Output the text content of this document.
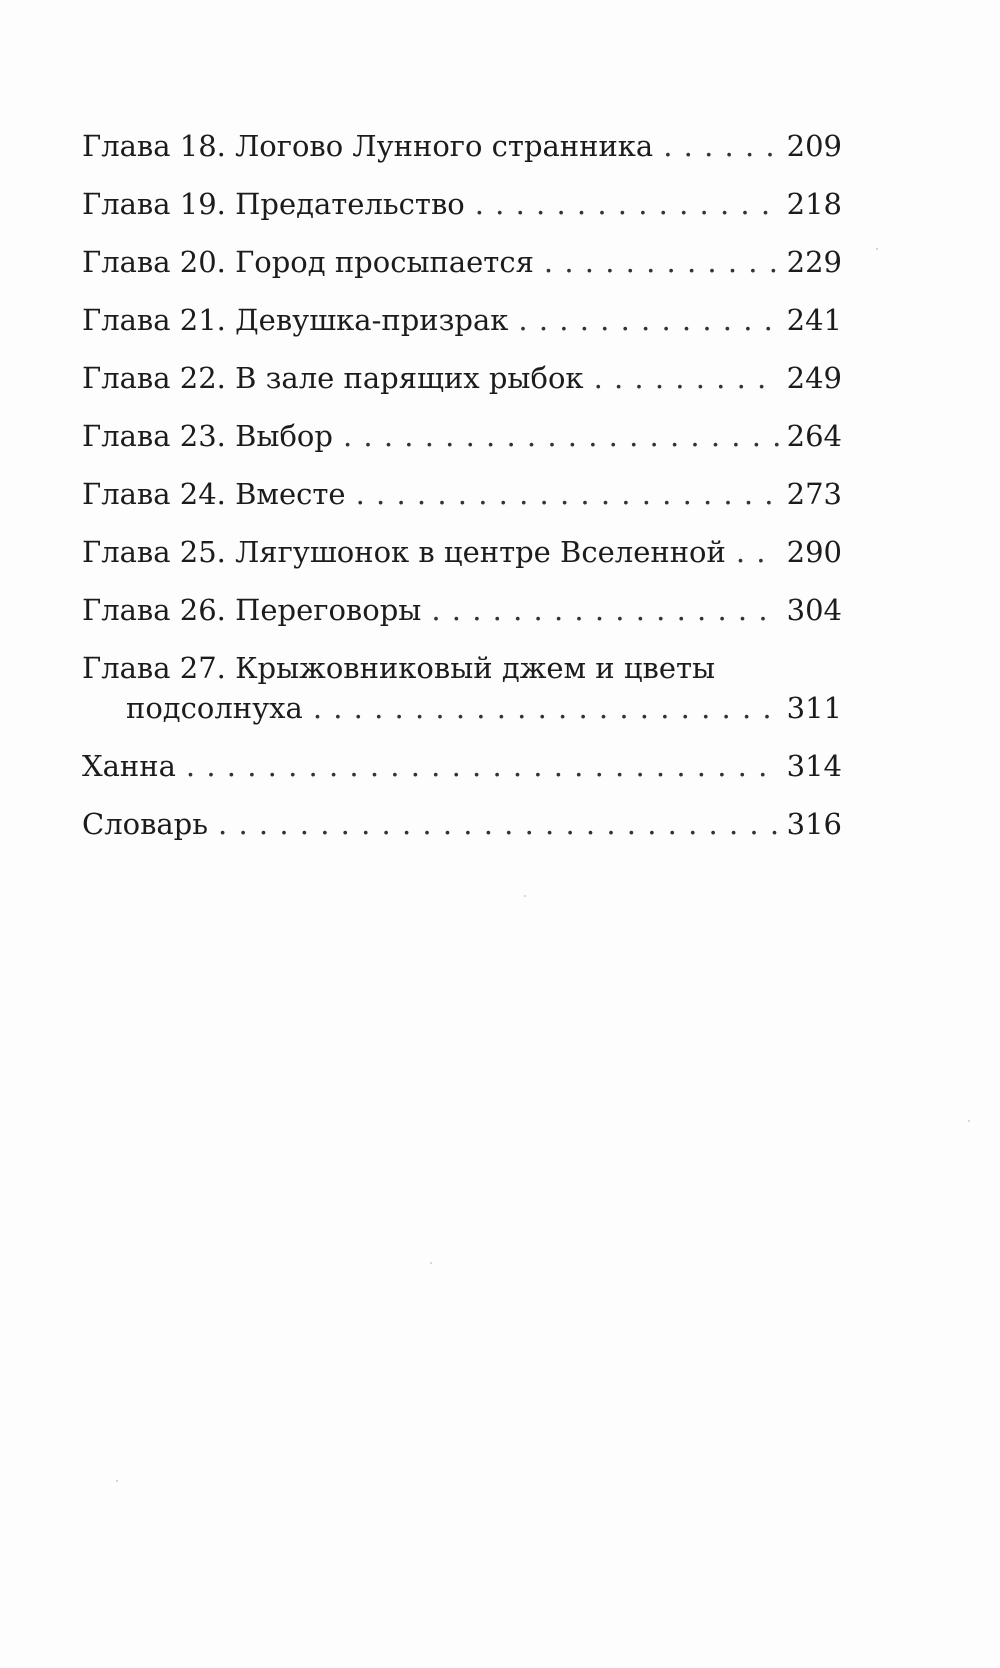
Глава 18. Логово Лунного странника . . .	209
Глава 19. Предательство . . .	218
Глава 20. Город просыпается . . .	229
Глава 21. Девушка-призрак . . .	241
Глава 22. В зале парящих рыбок . . .	249
Глава 23. Выбор . . .	264
Глава 24. Вместе . . .	273
Глава 25. Лягушонок в центре Вселенной . . . 290
Глава 26. Переговоры . . .	304
Глава 27. Крыжовниковый джем и цветы
подсолнуха . . .	311
Ханна . . .	314
Словарь . . .	316
